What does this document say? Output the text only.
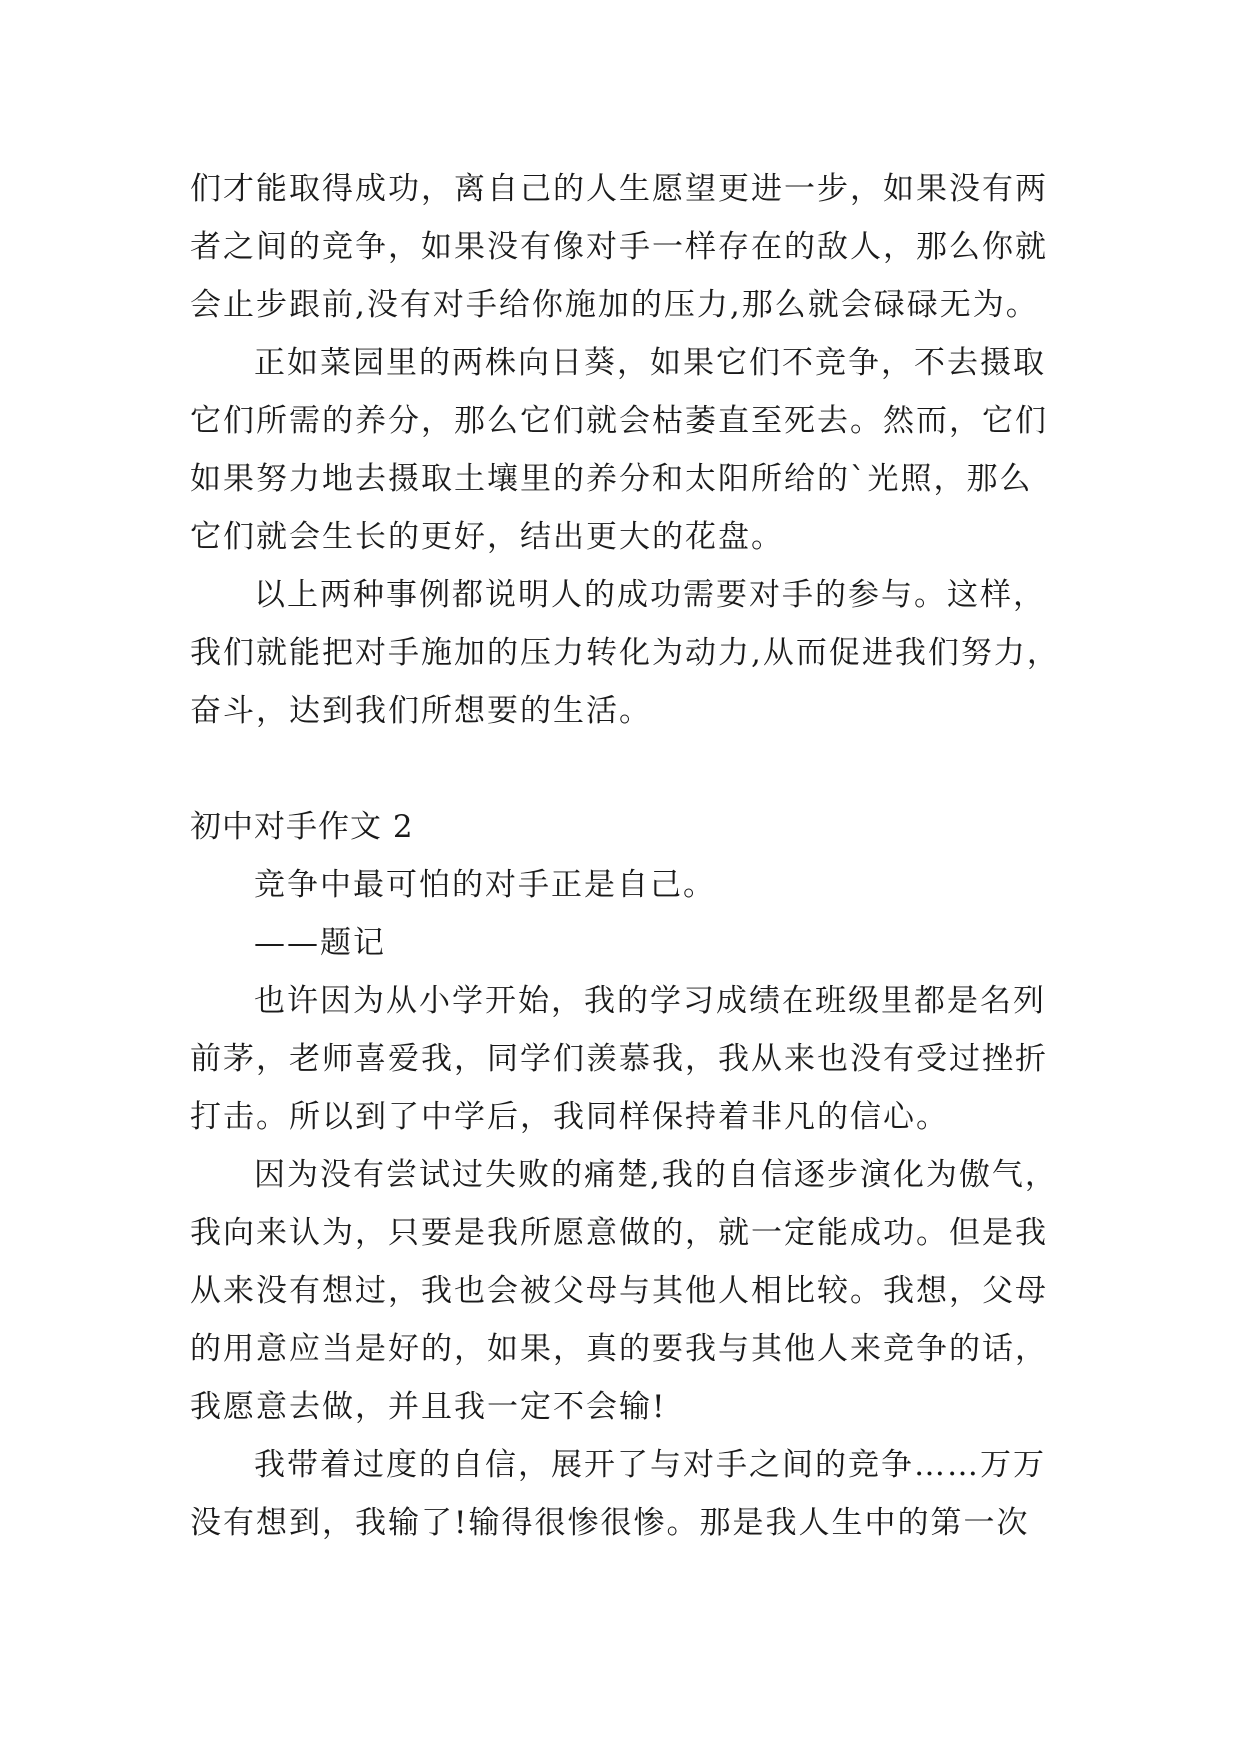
们才能取得成功，离自己的人生愿望更进一步，如果没有两

者之间的竞争，如果没有像对手一样存在的敌人，那么你就

会止步跟前,没有对手给你施加的压力,那么就会碌碌无为。

正如菜园里的两株向日葵，如果它们不竞争，不去摄取

它们所需的养分，那么它们就会枯萎直至死去。然而，它们

如果努力地去摄取土壤里的养分和太阳所给的`光照，那么

它们就会生长的更好，结出更大的花盘。

以上两种事例都说明人的成功需要对手的参与。这样，

我们就能把对手施加的压力转化为动力,从而促进我们努力，

奋斗，达到我们所想要的生活。

初中对手作文 2

竞争中最可怕的对手正是自己。

——题记

也许因为从小学开始，我的学习成绩在班级里都是名列

前茅，老师喜爱我，同学们羡慕我，我从来也没有受过挫折

打击。所以到了中学后，我同样保持着非凡的信心。

因为没有尝试过失败的痛楚,我的自信逐步演化为傲气，

我向来认为，只要是我所愿意做的，就一定能成功。但是我

从来没有想过，我也会被父母与其他人相比较。我想，父母

的用意应当是好的，如果，真的要我与其他人来竞争的话，

我愿意去做，并且我一定不会输!

我带着过度的自信，展开了与对手之间的竞争……万万

没有想到，我输了!输得很惨很惨。那是我人生中的第一次
